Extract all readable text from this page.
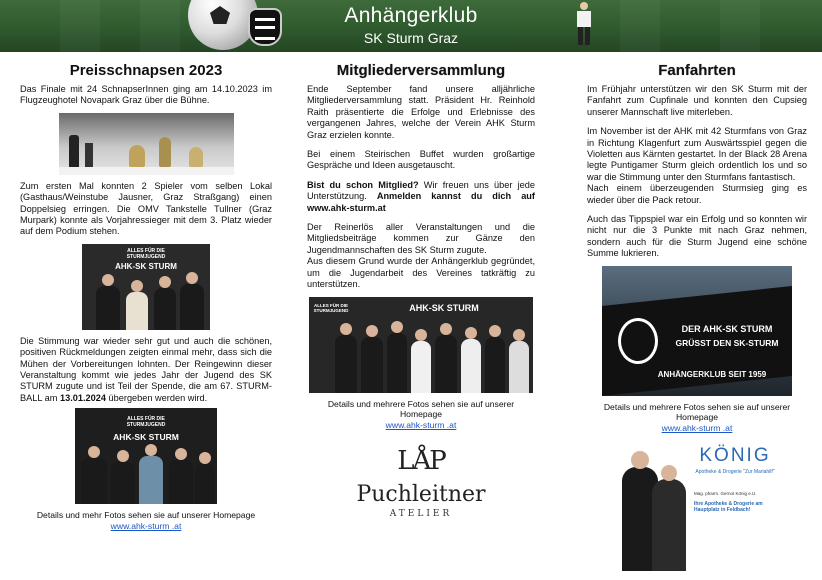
Anhängerklub
SK Sturm Graz
Preisschnapsen 2023

Das Finale mit 24 SchnapserInnen ging am 14.10.2023 im Flugzeughotel Novapark Graz über die Bühne.

Zum ersten Mal konnten 2 Spieler vom selben Lokal (Gasthaus/Weinstube Jausner, Graz Straßgang) einen Doppelsieg erringen. Die OMV Tankstelle Tullner (Graz Murpark) konnte als Vorjahressieger mit dem 3. Platz wieder auf dem Podium stehen.

ALLES FÜR DIE STURMJUGEND
AHK-SK STURM

Die Stimmung war wieder sehr gut und auch die schönen, positiven Rückmeldungen zeigten einmal mehr, dass sich die Mühen der Vorbereitungen lohnten. Der Reingewinn dieser Veranstaltung kommt wie jedes Jahr der Jugend des SK STURM zugute und ist Teil der Spende, die am 67. STURM-BALL am 13.01.2024 übergeben werden wird.

ALLES FÜR DIE STURMJUGEND
AHK-SK STURM

Details und mehr Fotos sehen sie auf unserer Homepage

www.ahk-sturm .at

Mitgliederversammlung

Ende September fand unsere alljährliche Mitgliederversammlung statt. Präsident Hr. Reinhold Raith präsentierte die Erfolge und Erlebnisse des vergangenen Jahres, welche der Verein AHK Sturm Graz erzielen konnte.

Bei einem Steirischen Buffet wurden großartige Gespräche und Ideen ausgetauscht.

Bist du schon Mitglied? Wir freuen uns über jede Unterstützung. Anmelden kannst du dich auf www.ahk-sturm.at

Der Reinerlös aller Veranstaltungen und die Mitgliedsbeiträge kommen zur Gänze den Jugendmannschaften des SK Sturm zugute.

Aus diesem Grund wurde der Anhängerklub gegründet, um die Jugendarbeit des Vereines tatkräftig zu unterstützen.

ALLES FÜR DIE STURMJUGEND	AHK-SK STURM

Details und mehrere Fotos sehen sie auf unserer Homepage

www.ahk-sturm .at

LÅP
Puchleitner
ATELIER
Fanfahrten

Im Frühjahr unterstützen wir den SK Sturm mit der Fanfahrt zum Cupfinale und konnten den Cupsieg unserer Mannschaft live miterleben.

Im November ist der AHK mit 42 Sturmfans von Graz in Richtung Klagenfurt zum Auswärtsspiel gegen die Violetten aus Kärnten gestartet. In der Black 28 Arena legte Puntigamer Sturm gleich ordentlich los und so war die Stimmung unter den Sturmfans fantastisch.

Nach einem überzeugenden Sturmsieg ging es wieder über die Pack retour.

Auch das Tippspiel war ein Erfolg und so konnten wir nicht nur die 3 Punkte mit nach Graz nehmen, sondern auch für die Sturm Jugend eine schöne Summe lukrieren.

DER AHK-SK STURM
GRÜSST DEN SK-STURM
ANHÄNGERKLUB SEIT 1959

Details und mehrere Fotos sehen sie auf unserer Homepage

www.ahk-sturm .at

KÖNIG
Apotheke & Drogerie "Zur Mariahilf"
Mag. pharm. Gernot König e.U.
Ihre Apotheke & Drogerie am Hauptplatz in Feldbach!
